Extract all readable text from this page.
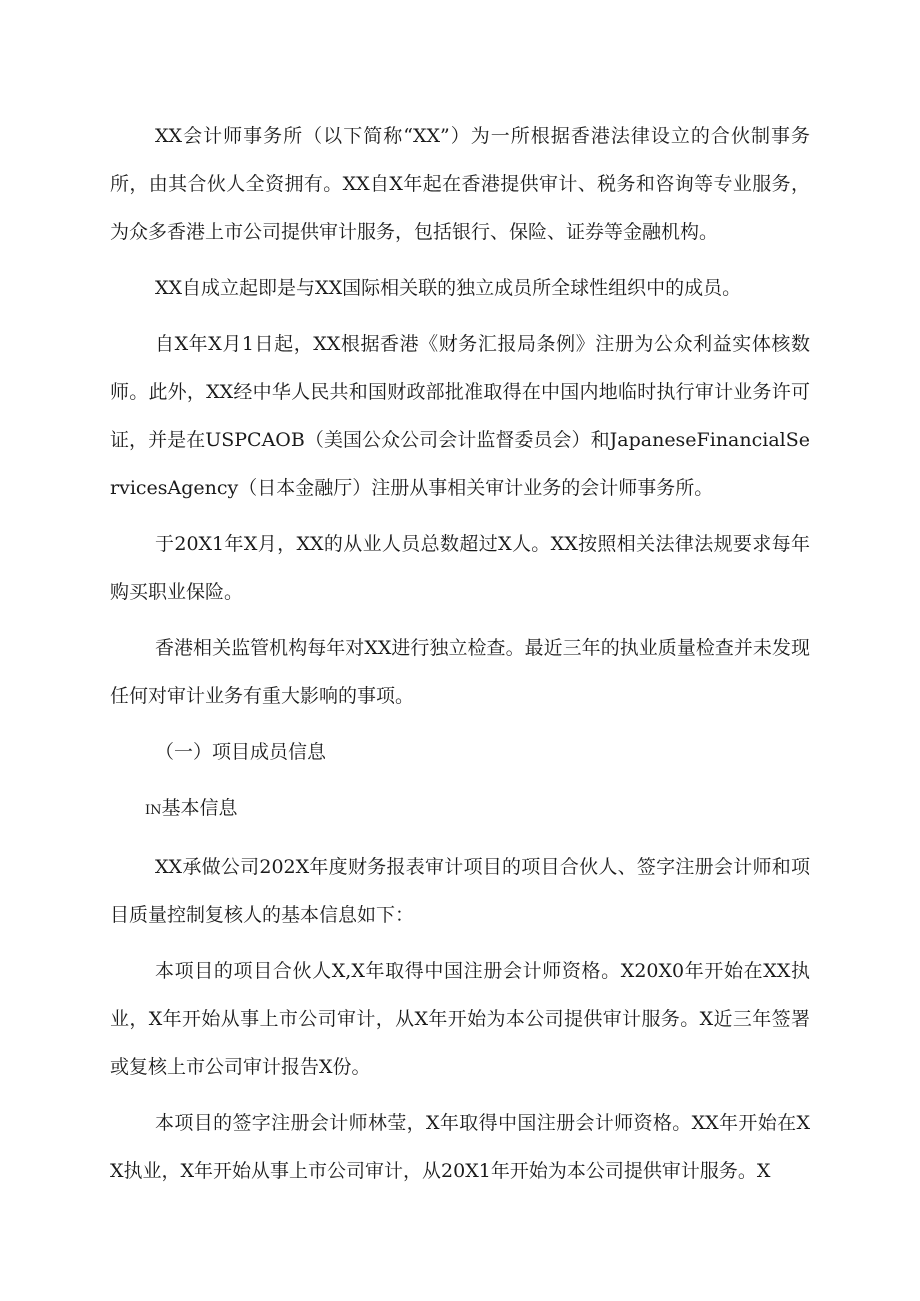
XX会计师事务所（以下简称“XX”）为一所根据香港法律设立的合伙制事务所，由其合伙人全资拥有。XX自X年起在香港提供审计、税务和咨询等专业服务，为众多香港上市公司提供审计服务，包括银行、保险、证券等金融机构。

XX自成立起即是与XX国际相关联的独立成员所全球性组织中的成员。

自X年X月1日起，XX根据香港《财务汇报局条例》注册为公众利益实体核数师。此外，XX经中华人民共和国财政部批准取得在中国内地临时执行审计业务许可证，并是在USPCAOB（美国公众公司会计监督委员会）和JapaneseFinancialServicesAgency（日本金融厅）注册从事相关审计业务的会计师事务所。

于20X1年X月，XX的从业人员总数超过X人。XX按照相关法律法规要求每年购买职业保险。

香港相关监管机构每年对XX进行独立检查。最近三年的执业质量检查并未发现任何对审计业务有重大影响的事项。

（一）项目成员信息
IN基本信息

XX承做公司202X年度财务报表审计项目的项目合伙人、签字注册会计师和项目质量控制复核人的基本信息如下：

本项目的项目合伙人X,X年取得中国注册会计师资格。X20X0年开始在XX执业，X年开始从事上市公司审计，从X年开始为本公司提供审计服务。X近三年签署或复核上市公司审计报告X份。

本项目的签字注册会计师林莹，X年取得中国注册会计师资格。XX年开始在XX执业，X年开始从事上市公司审计，从20X1年开始为本公司提供审计服务。X
